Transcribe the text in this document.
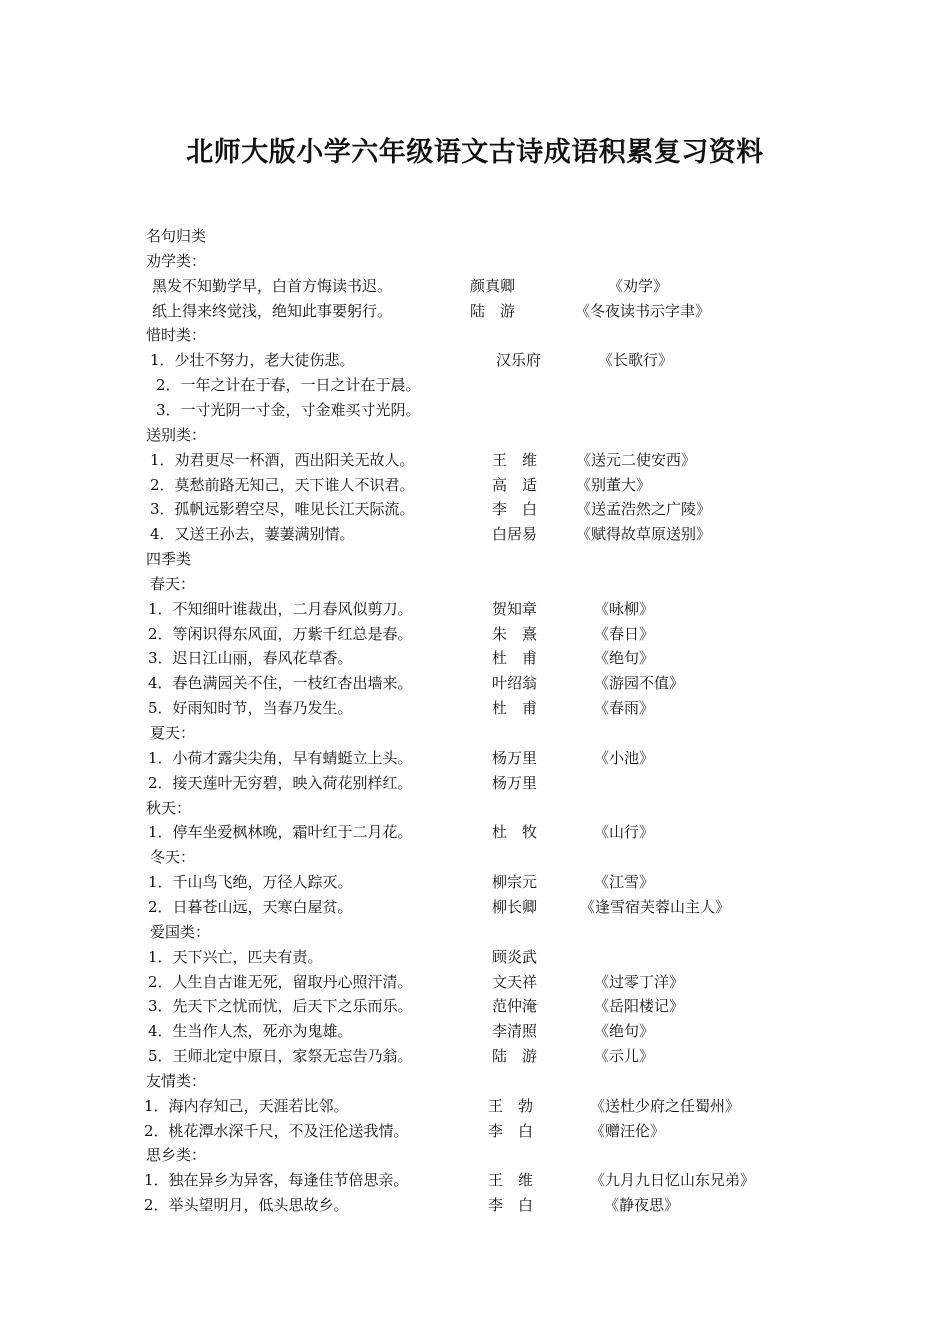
北师大版小学六年级语文古诗成语积累复习资料
名句归类
劝学类：
黑发不知勤学早，白首方悔读书迟。	颜真卿	《劝学》
纸上得来终觉浅，绝知此事要躬行。	陆　游	《冬夜读书示字聿》
惜时类：
1．少壮不努力，老大徒伤悲。	汉乐府	《长歌行》
2．一年之计在于春，一日之计在于晨。
3．一寸光阴一寸金，寸金难买寸光阴。
送别类：
1．劝君更尽一杯酒，西出阳关无故人。	王　维	《送元二使安西》
2．莫愁前路无知己，天下谁人不识君。	高　适	《别董大》
3．孤帆远影碧空尽，唯见长江天际流。	李　白	《送孟浩然之广陵》
4．又送王孙去，萋萋满别情。	白居易	《赋得故草原送别》
四季类
春天：
1．不知细叶谁裁出，二月春风似剪刀。	贺知章	《咏柳》
2．等闲识得东风面，万紫千红总是春。	朱　熹	《春日》
3．迟日江山丽，春风花草香。	杜　甫	《绝句》
4．春色满园关不住，一枝红杏出墙来。	叶绍翁	《游园不值》
5．好雨知时节，当春乃发生。	杜　甫	《春雨》
夏天：
1．小荷才露尖尖角，早有蜻蜓立上头。	杨万里	《小池》
2．接天莲叶无穷碧，映入荷花别样红。	杨万里
秋天：
1．停车坐爱枫林晚，霜叶红于二月花。	杜　牧	《山行》
冬天：
1．千山鸟飞绝，万径人踪灭。	柳宗元	《江雪》
2．日暮苍山远，天寒白屋贫。	柳长卿	《逢雪宿芙蓉山主人》
爱国类：
1．天下兴亡，匹夫有责。	顾炎武
2．人生自古谁无死，留取丹心照汗清。	文天祥	《过零丁洋》
3．先天下之忧而忧，后天下之乐而乐。	范仲淹	《岳阳楼记》
4．生当作人杰，死亦为鬼雄。	李清照	《绝句》
5．王师北定中原日，家祭无忘告乃翁。	陆　游	《示儿》
友情类：
1．海内存知己，天涯若比邻。	王　勃	《送杜少府之任蜀州》
2．桃花潭水深千尺，不及汪伦送我情。	李　白	《赠汪伦》
思乡类：
1．独在异乡为异客，每逢佳节倍思亲。	王　维	《九月九日忆山东兄弟》
2．举头望明月，低头思故乡。	李　白	《静夜思》
